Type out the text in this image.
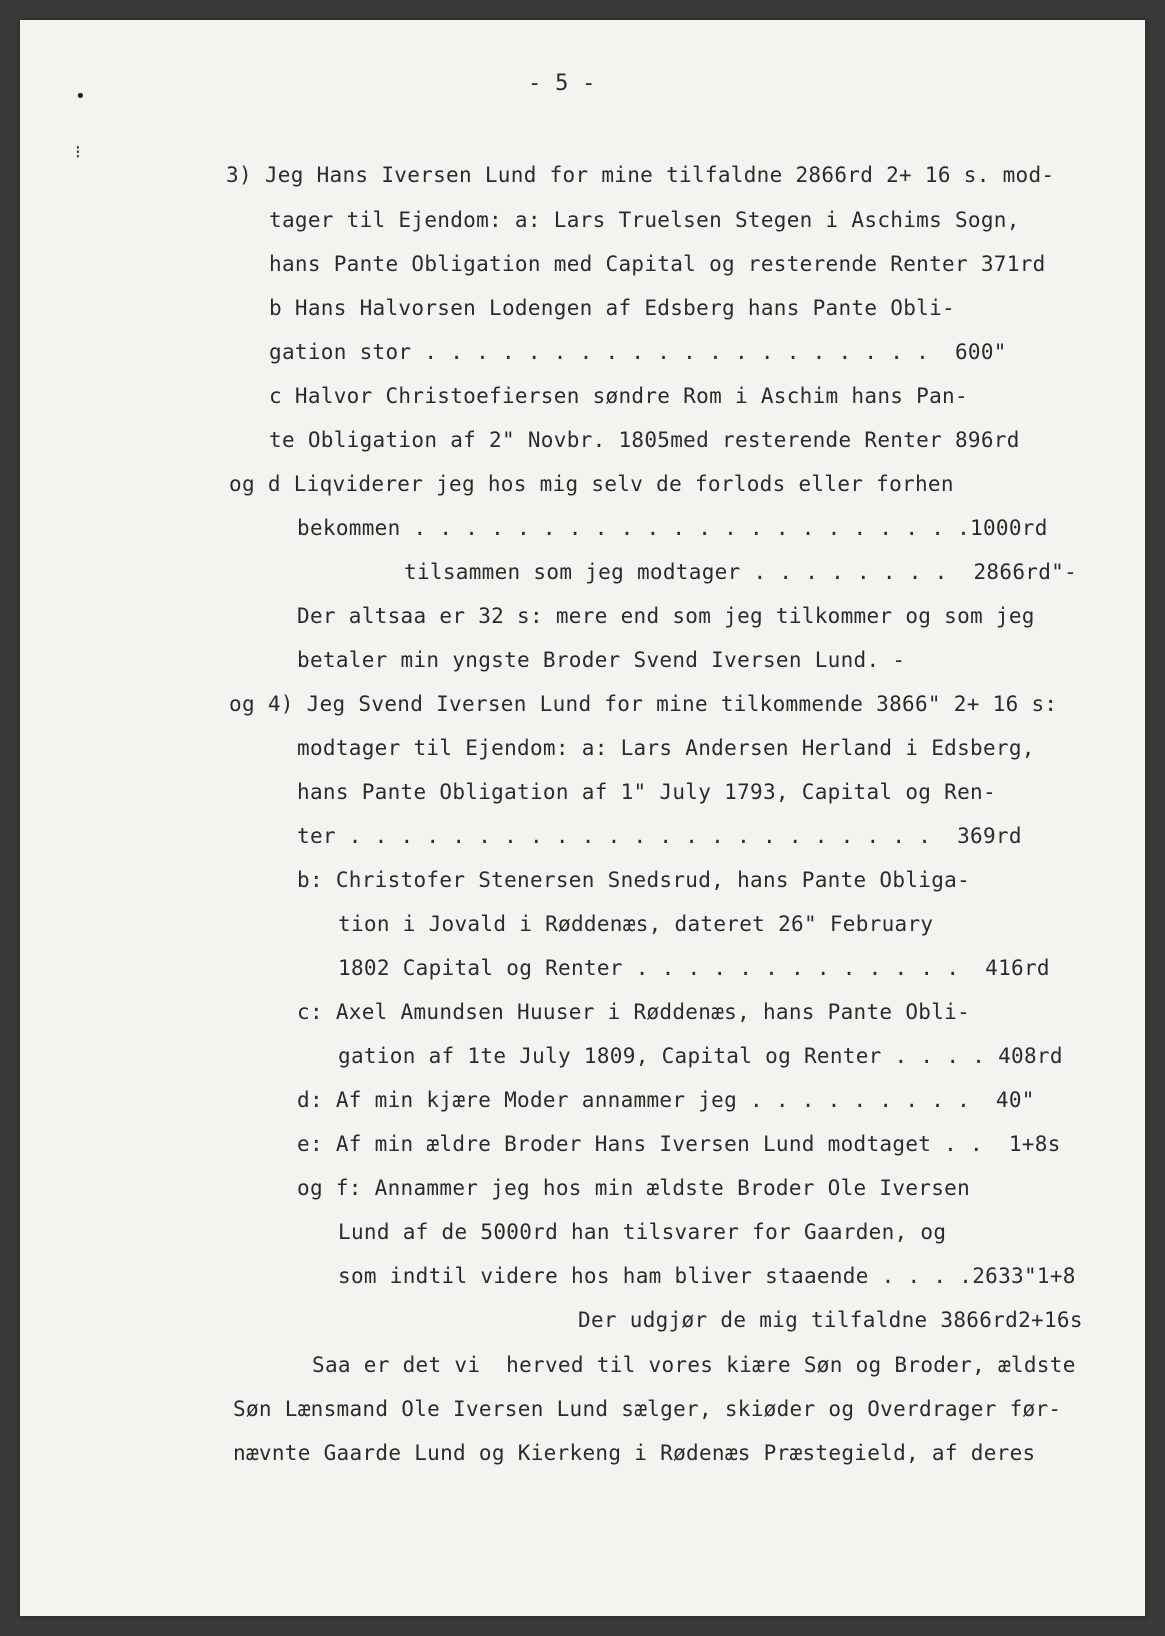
- 5 -
•
⁝
3) Jeg Hans Iversen Lund for mine tilfaldne 2866rd 2+ 16 s. mod-
tager til Ejendom: a: Lars Truelsen Stegen i Aschims Sogn,
hans Pante Obligation med Capital og resterende Renter 371rd
b Hans Halvorsen Lodengen af Edsberg hans Pante Obli-
gation stor . . . . . . . . . . . . . . . . . . . .  600"
c Halvor Christoefiersen søndre Rom i Aschim hans Pan-
te Obligation af 2" Novbr. 1805med resterende Renter 896rd
og d Liqviderer jeg hos mig selv de forlods eller forhen
bekommen . . . . . . . . . . . . . . . . . . . . . .1000rd
tilsammen som jeg modtager . . . . . . . .  2866rd"-
Der altsaa er 32 s: mere end som jeg tilkommer og som jeg
betaler min yngste Broder Svend Iversen Lund. -
og 4) Jeg Svend Iversen Lund for mine tilkommende 3866" 2+ 16 s:
modtager til Ejendom: a: Lars Andersen Herland i Edsberg,
hans Pante Obligation af 1" July 1793, Capital og Ren-
ter . . . . . . . . . . . . . . . . . . . . . . .  369rd
b: Christofer Stenersen Snedsrud, hans Pante Obliga-
tion i Jovald i Røddenæs, dateret 26" February
1802 Capital og Renter . . . . . . . . . . . . .  416rd
c: Axel Amundsen Huuser i Røddenæs, hans Pante Obli-
gation af 1te July 1809, Capital og Renter . . . . 408rd
d: Af min kjære Moder annammer jeg . . . . . . . . .  40"
e: Af min ældre Broder Hans Iversen Lund modtaget . .  1+8s
og f: Annammer jeg hos min ældste Broder Ole Iversen
Lund af de 5000rd han tilsvarer for Gaarden, og
som indtil videre hos ham bliver staaende . . . .2633"1+8
Der udgjør de mig tilfaldne 3866rd2+16s
Saa er det vi  herved til vores kiære Søn og Broder, ældste
Søn Lænsmand Ole Iversen Lund sælger, skiøder og Overdrager før-
nævnte Gaarde Lund og Kierkeng i Rødenæs Præstegield, af deres
